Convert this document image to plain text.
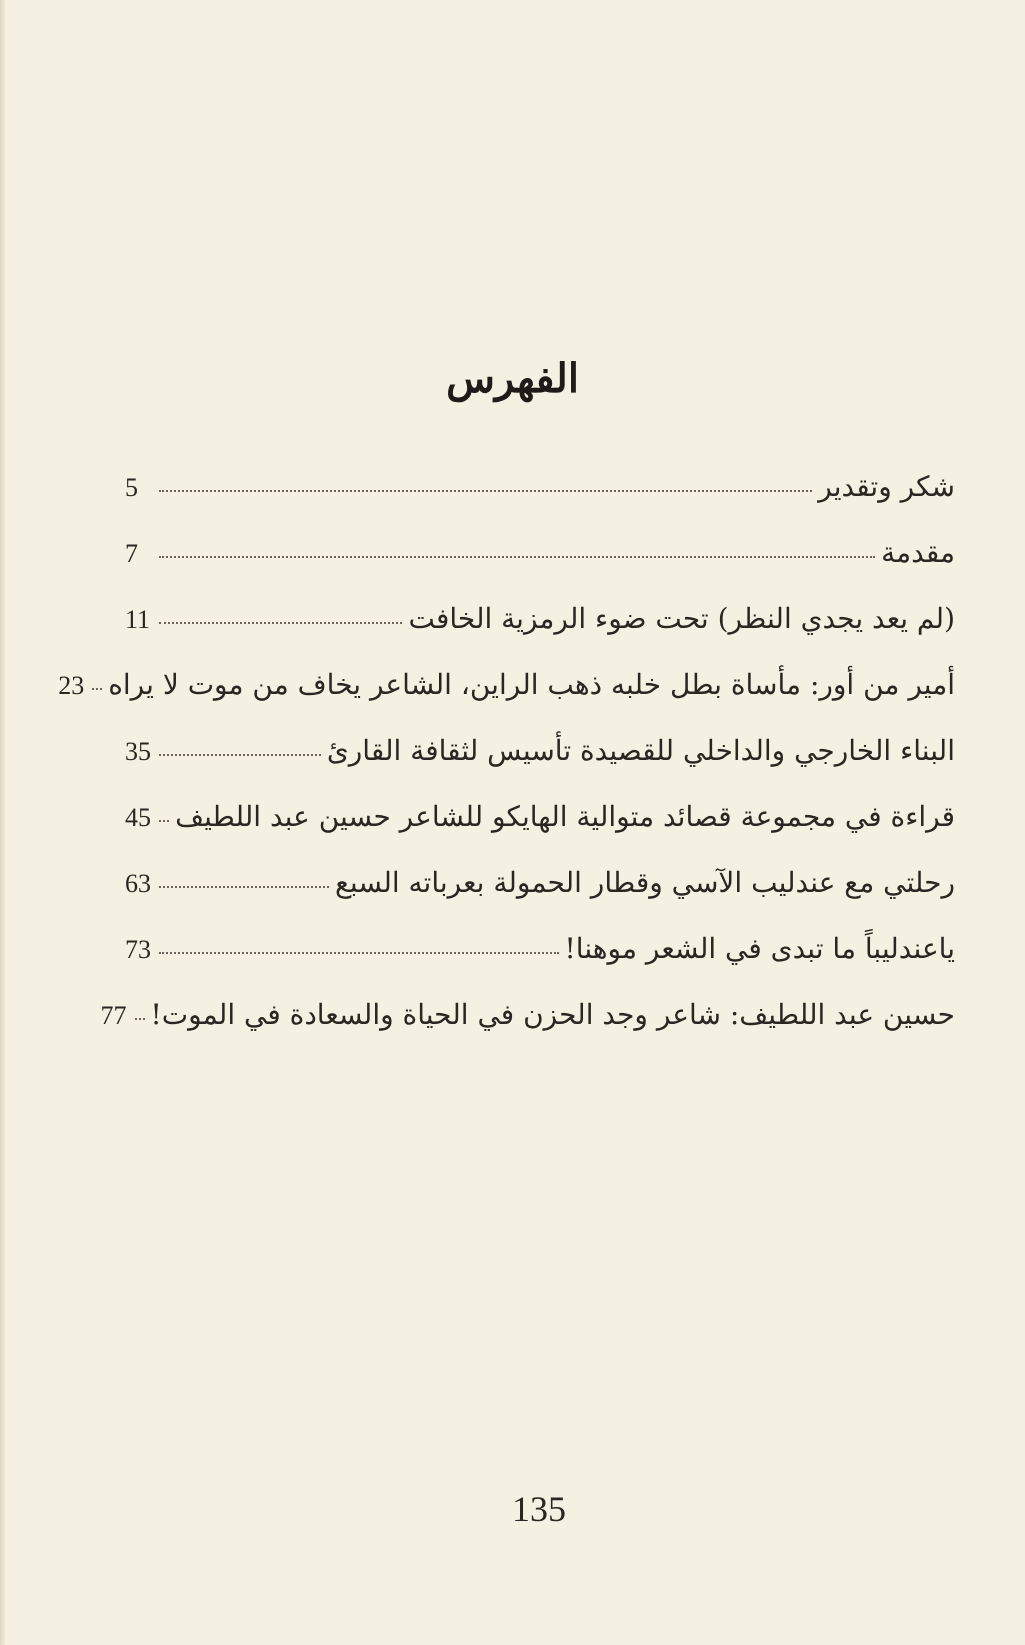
الفهرس
شكر وتقدير
5
مقدمة
7
(لم يعد يجدي النظر) تحت ضوء الرمزية الخافت
11
أمير من أور: مأساة بطل خلبه ذهب الراين، الشاعر يخاف من موت لا يراه
23
البناء الخارجي والداخلي للقصيدة تأسيس لثقافة القارئ
35
قراءة في مجموعة قصائد متوالية الهايكو للشاعر حسين عبد اللطيف
45
رحلتي مع عندليب الآسي وقطار الحمولة بعرباته السبع
63
ياعندليباً ما تبدى في الشعر موهنا!
73
حسين عبد اللطيف: شاعر وجد الحزن في الحياة والسعادة في الموت!
77
135
